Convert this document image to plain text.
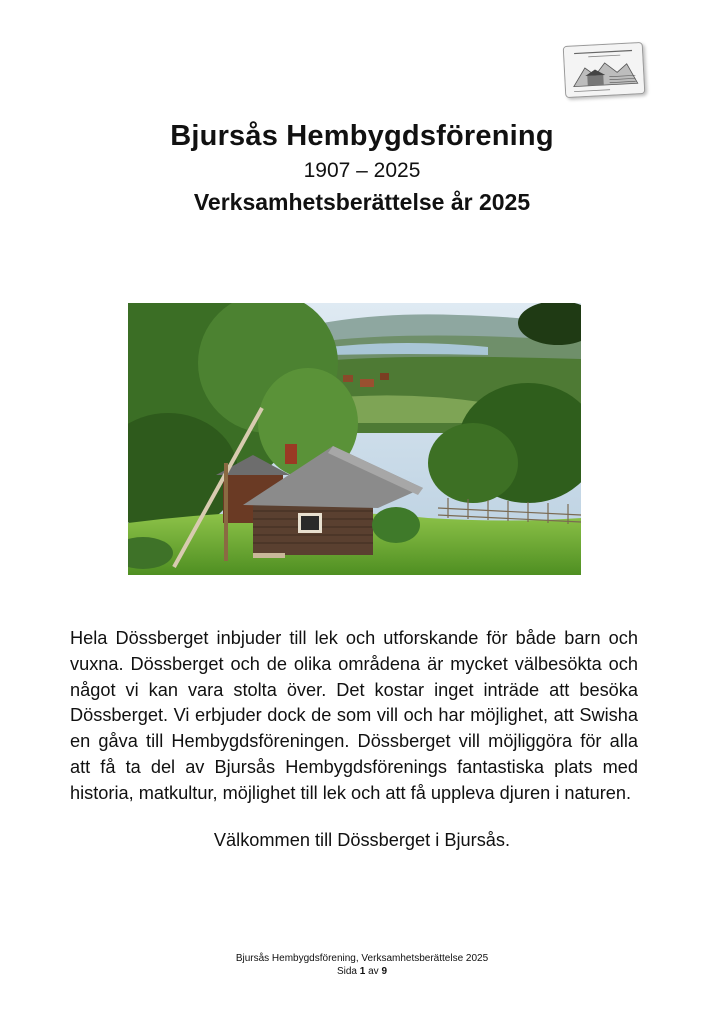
Bjursås Hembygdsförening
1907 – 2025
Verksamhetsberättelse år 2025
Hela Dössberget inbjuder till lek och utforskande för både barn och vuxna. Dössberget och de olika områdena är mycket välbesökta och något vi kan vara stolta över. Det kostar inget inträde att besöka Dössberget. Vi erbjuder dock de som vill och har möjlighet, att Swisha en gåva till Hembygdsföreningen. Dössberget vill möjliggöra för alla att få ta del av Bjursås Hembygdsförenings fantastiska plats med historia, matkultur, möjlighet till lek och att få uppleva djuren i naturen.
Välkommen till Dössberget i Bjursås.
Bjursås Hembygdsförening, Verksamhetsberättelse 2025
Sida 1 av 9
